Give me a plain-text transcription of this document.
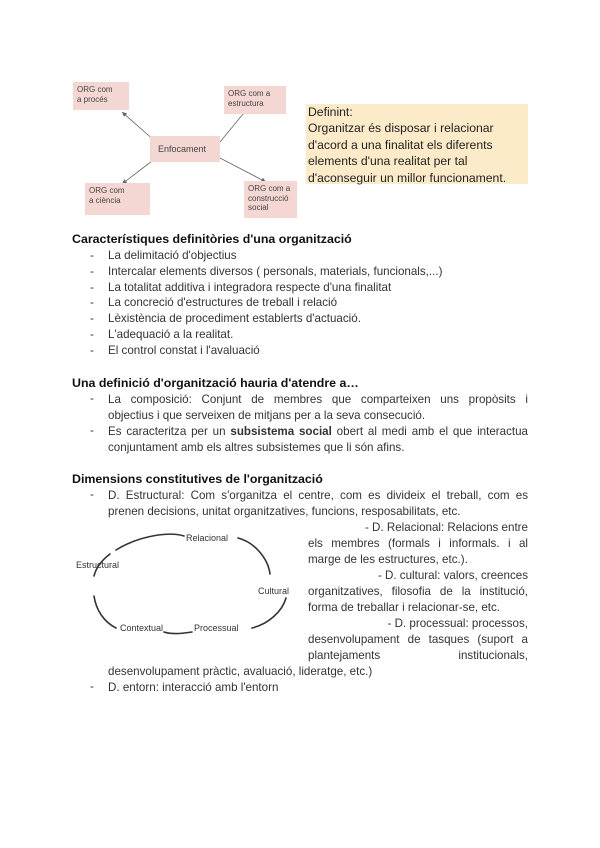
ORG com
a procés
ORG com a
estructura
Enfocament
ORG com
a ciència
ORG com a
construcció
social
Definint:
Organitzar és disposar i relacionar
d'acord a una finalitat els diferents
elements d'una realitat per tal
d'aconseguir un millor funcionament.
Característiques definitòries d'una organització
- La delimitació d'objectius
- Intercalar elements diversos ( personals, materials, funcionals,...)
- La totalitat additiva i integradora respecte d'una finalitat
- La concreció d'estructures de treball i relació
- Lèxistència de procediment establerts d'actuació.
- L'adequació a la realitat.
- El control constat i l'avaluació
Una definició d'organització hauria d'atendre a…
- La composició: Conjunt de membres que comparteixen uns propòsits i
objectius i que serveixen de mitjans per a la seva consecució.
- Es caracteritza per un subsistema social obert al medi amb el que interactua
conjuntament amb els altres subsistemes que li són afins.
Dimensions constitutives de l'organització
- D. Estructural: Com s'organitza el centre, com es divideix el treball, com es
prenen decisions, unitat organitzatives, funcions, resposabilitats, etc.
Relacional
Estructural
Cultural
Contextual	Processual
- D. Relacional: Relacions entre
els membres (formals i informals. i al
marge de les estructures, etc.).
- D. cultural: valors, creences
organitzatives, filosofia de la institució,
forma de treballar i relacionar-se, etc.
- D. processual: processos,
desenvolupament de tasques (suport a
plantejaments institucionals,
desenvolupament pràctic, avaluació, lideratge, etc.)
- D. entorn: interacció amb l'entorn
